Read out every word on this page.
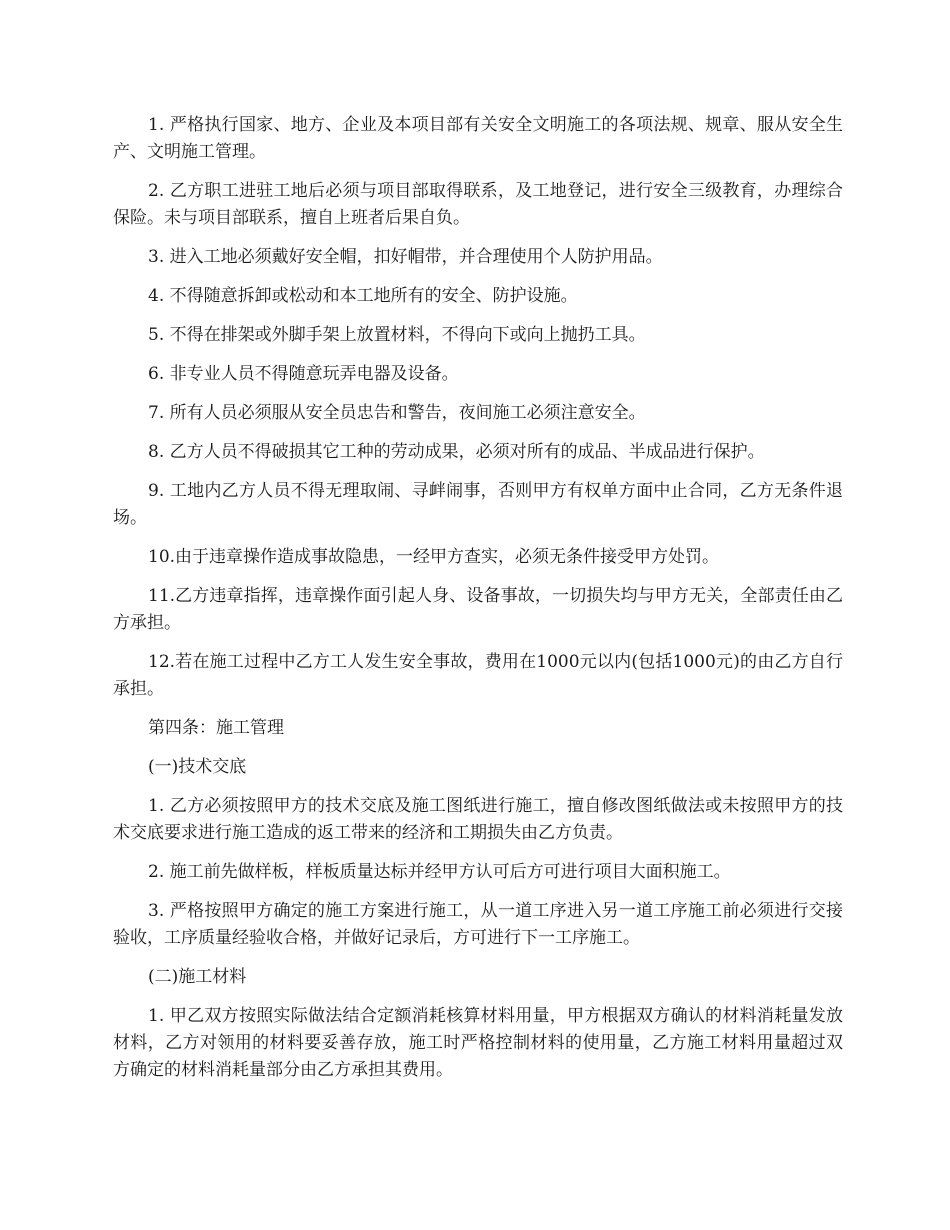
1. 严格执行国家、地方、企业及本项目部有关安全文明施工的各项法规、规章、服从安全生产、文明施工管理。

2. 乙方职工进驻工地后必须与项目部取得联系，及工地登记，进行安全三级教育，办理综合保险。未与项目部联系，擅自上班者后果自负。

3. 进入工地必须戴好安全帽，扣好帽带，并合理使用个人防护用品。

4. 不得随意拆卸或松动和本工地所有的安全、防护设施。

5. 不得在排架或外脚手架上放置材料，不得向下或向上抛扔工具。

6. 非专业人员不得随意玩弄电器及设备。

7. 所有人员必须服从安全员忠告和警告，夜间施工必须注意安全。

8. 乙方人员不得破损其它工种的劳动成果，必须对所有的成品、半成品进行保护。

9. 工地内乙方人员不得无理取闹、寻衅闹事，否则甲方有权单方面中止合同，乙方无条件退场。

10.由于违章操作造成事故隐患，一经甲方查实，必须无条件接受甲方处罚。

11.乙方违章指挥，违章操作面引起人身、设备事故，一切损失均与甲方无关，全部责任由乙方承担。

12.若在施工过程中乙方工人发生安全事故，费用在1000元以内(包括1000元)的由乙方自行承担。

第四条：施工管理

(一)技术交底

1. 乙方必须按照甲方的技术交底及施工图纸进行施工，擅自修改图纸做法或未按照甲方的技术交底要求进行施工造成的返工带来的经济和工期损失由乙方负责。

2. 施工前先做样板，样板质量达标并经甲方认可后方可进行项目大面积施工。

3. 严格按照甲方确定的施工方案进行施工，从一道工序进入另一道工序施工前必须进行交接验收，工序质量经验收合格，并做好记录后，方可进行下一工序施工。

(二)施工材料

1. 甲乙双方按照实际做法结合定额消耗核算材料用量，甲方根据双方确认的材料消耗量发放材料，乙方对领用的材料要妥善存放，施工时严格控制材料的使用量，乙方施工材料用量超过双方确定的材料消耗量部分由乙方承担其费用。
